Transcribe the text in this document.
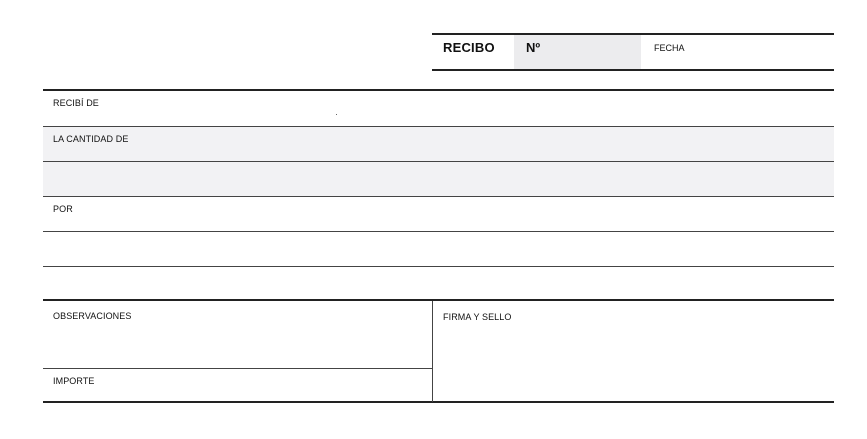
RECIBO Nº	FECHA
RECIBÍ DE
LA CANTIDAD DE
POR
OBSERVACIONES
IMPORTE
FIRMA Y SELLO
